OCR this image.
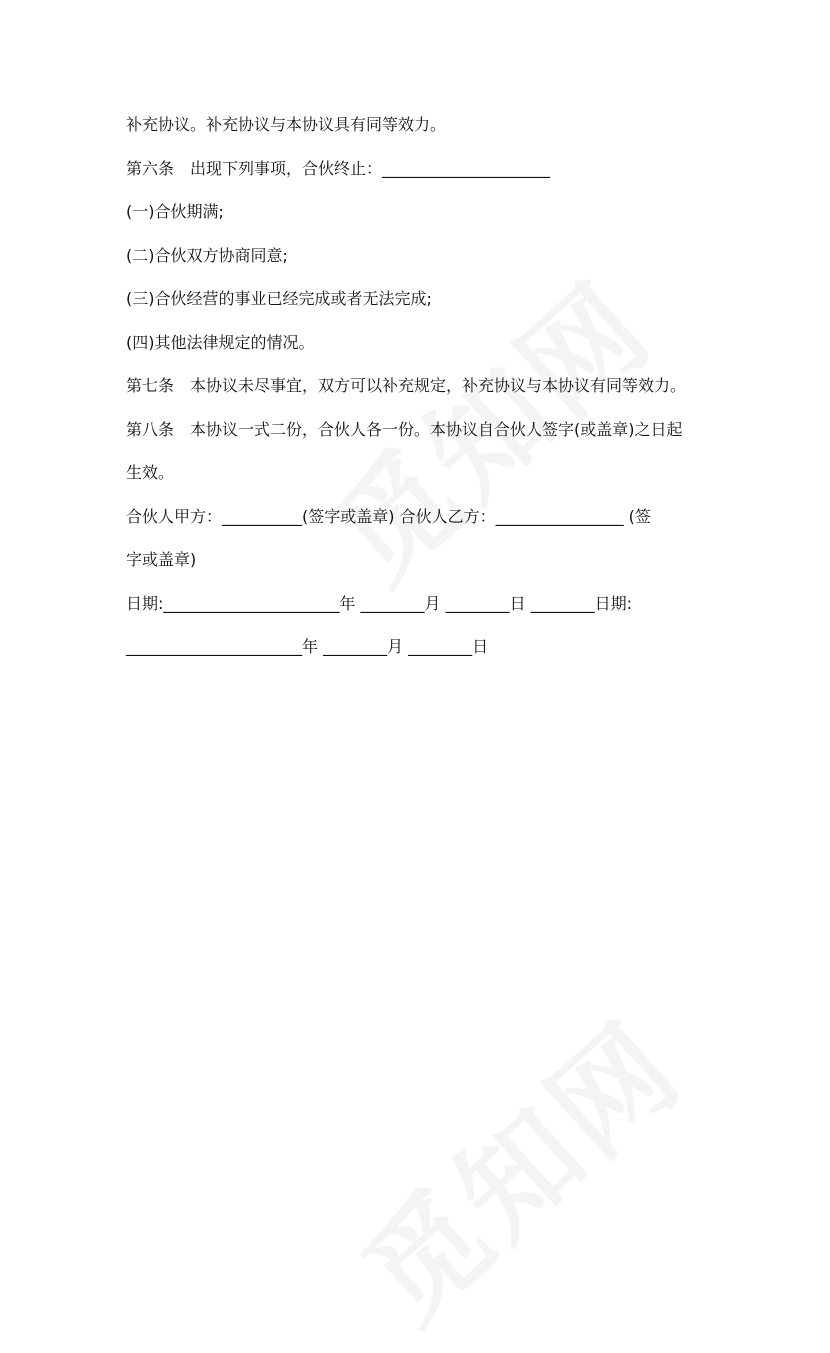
补充协议。补充协议与本协议具有同等效力。
第六条　出现下列事项，合伙终止：_____________________
(一)合伙期满;
(二)合伙双方协商同意;
(三)合伙经营的事业已经完成或者无法完成;
(四)其他法律规定的情况。
第七条　本协议未尽事宜，双方可以补充规定，补充协议与本协议有同等效力。
第八条　本协议一式二份，合伙人各一份。本协议自合伙人签字(或盖章)之日起
生效。
合伙人甲方：__________(签字或盖章) 合伙人乙方：________________ (签
字或盖章)
日期:______________________年 ________月 ________日 ________日期:
______________________年 ________月 ________日
